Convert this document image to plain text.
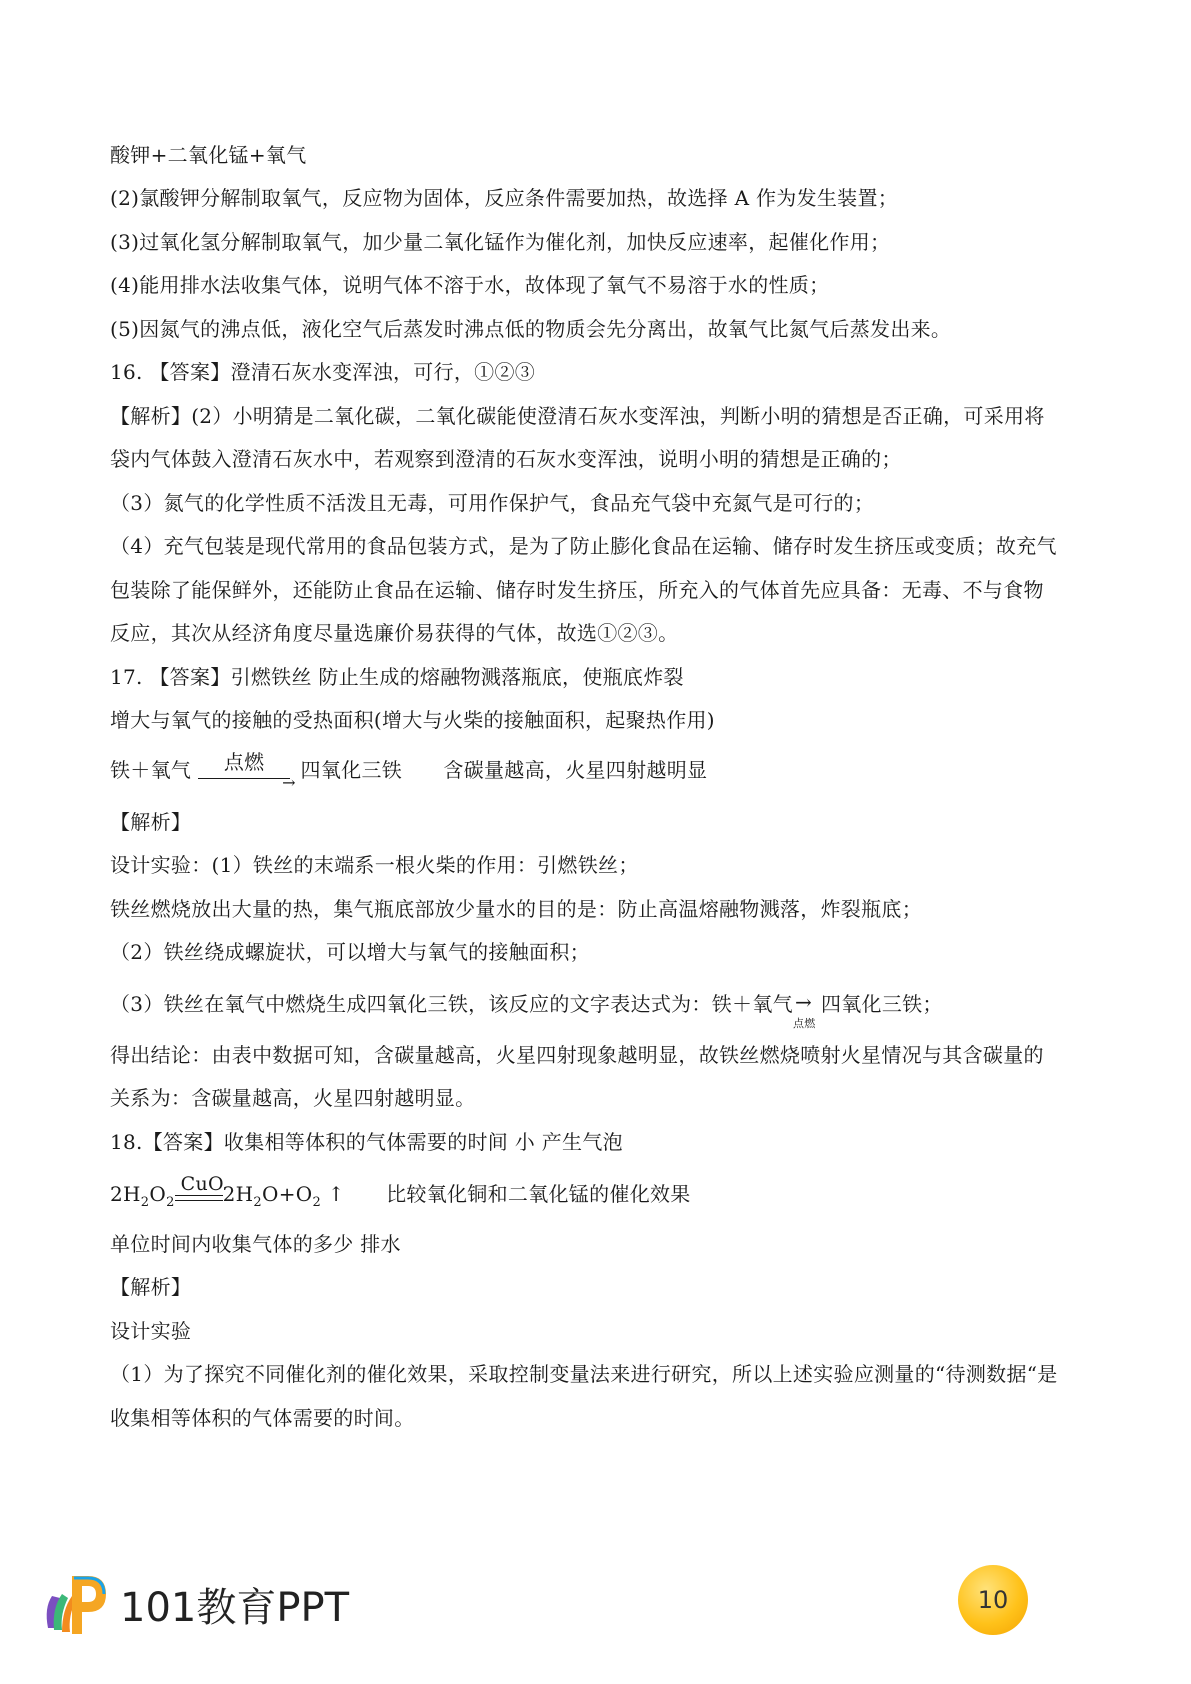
酸钾+二氧化锰+氧气
(2)氯酸钾分解制取氧气，反应物为固体，反应条件需要加热，故选择 A 作为发生装置；
(3)过氧化氢分解制取氧气，加少量二氧化锰作为催化剂，加快反应速率，起催化作用；
(4)能用排水法收集气体，说明气体不溶于水，故体现了氧气不易溶于水的性质；
(5)因氮气的沸点低，液化空气后蒸发时沸点低的物质会先分离出，故氧气比氮气后蒸发出来。
16. 【答案】澄清石灰水变浑浊，可行，①②③
【解析】(2）小明猜是二氧化碳，二氧化碳能使澄清石灰水变浑浊，判断小明的猜想是否正确，可采用将
袋内气体鼓入澄清石灰水中，若观察到澄清的石灰水变浑浊，说明小明的猜想是正确的；
（3）氮气的化学性质不活泼且无毒，可用作保护气，食品充气袋中充氮气是可行的；
（4）充气包装是现代常用的食品包装方式，是为了防止膨化食品在运输、储存时发生挤压或变质；故充气
包装除了能保鲜外，还能防止食品在运输、储存时发生挤压，所充入的气体首先应具备：无毒、不与食物
反应，其次从经济角度尽量选廉价易获得的气体，故选①②③。
17. 【答案】引燃铁丝 防止生成的熔融物溅落瓶底，使瓶底炸裂
增大与氧气的接触的受热面积(增大与火柴的接触面积，起聚热作用)
铁＋氧气 点燃
→ 四氧化三铁 含碳量越高，火星四射越明显
【解析】
设计实验：(1）铁丝的末端系一根火柴的作用：引燃铁丝；
铁丝燃烧放出大量的热，集气瓶底部放少量水的目的是：防止高温熔融物溅落，炸裂瓶底；
（2）铁丝绕成螺旋状，可以增大与氧气的接触面积；
（3）铁丝在氧气中燃烧生成四氧化三铁，该反应的文字表达式为：铁＋氧气 →
点燃
四氧化三铁；
得出结论：由表中数据可知，含碳量越高，火星四射现象越明显，故铁丝燃烧喷射火星情况与其含碳量的
关系为：含碳量越高，火星四射越明显。
18.【答案】收集相等体积的气体需要的时间 小 产生气泡
$2H_2O_2$
CuO
$2H_2O+O_2$ ↑ 比较氧化铜和二氧化锰的催化效果
单位时间内收集气体的多少 排水
【解析】
设计实验
（1）为了探究不同催化剂的催化效果，采取控制变量法来进行研究，所以上述实验应测量的“待测数据“是
收集相等体积的气体需要的时间。
101教育PPT	10
